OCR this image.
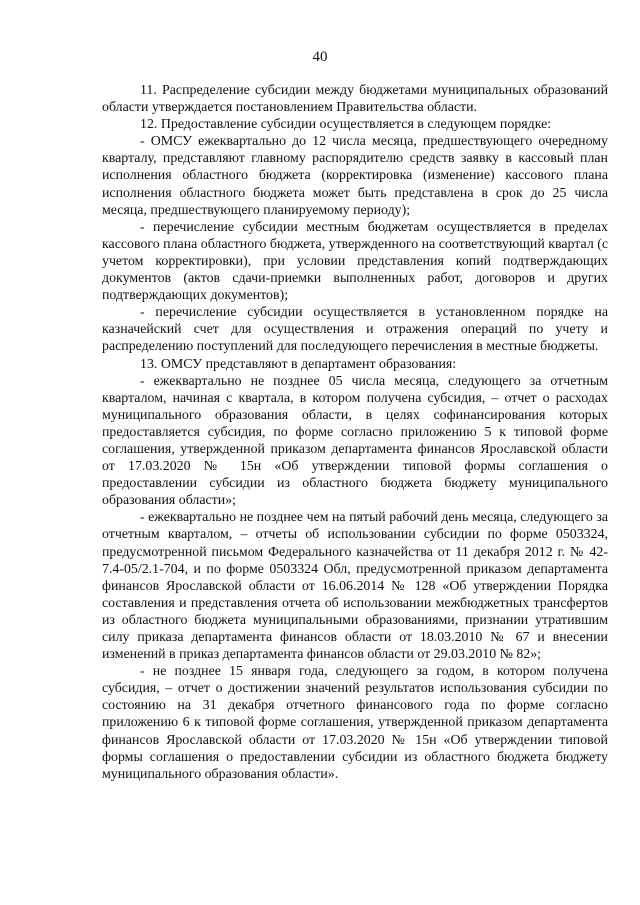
40

11. Распределение субсидии между бюджетами муниципальных образований области утверждается постановлением Правительства области.

12. Предоставление субсидии осуществляется в следующем порядке:

- ОМСУ ежеквартально до 12 числа месяца, предшествующего очередному кварталу, представляют главному распорядителю средств заявку в кассовый план исполнения областного бюджета (корректировка (изменение) кассового плана исполнения областного бюджета может быть представлена в срок до 25 числа месяца, предшествующего планируемому периоду);

- перечисление субсидии местным бюджетам осуществляется в пределах кассового плана областного бюджета, утвержденного на соответствующий квартал (с учетом корректировки), при условии представления копий подтверждающих документов (актов сдачи-приемки выполненных работ, договоров и других подтверждающих документов);

- перечисление субсидии осуществляется в установленном порядке на казначейский счет для осуществления и отражения операций по учету и распределению поступлений для последующего перечисления в местные бюджеты.

13. ОМСУ представляют в департамент образования:

- ежеквартально не позднее 05 числа месяца, следующего за отчетным кварталом, начиная с квартала, в котором получена субсидия, – отчет о расходах муниципального образования области, в целях софинансирования которых предоставляется субсидия, по форме согласно приложению 5 к типовой форме соглашения, утвержденной приказом департамента финансов Ярославской области от 17.03.2020 № 15н «Об утверждении типовой формы соглашения о предоставлении субсидии из областного бюджета бюджету муниципального образования области»;

- ежеквартально не позднее чем на пятый рабочий день месяца, следующего за отчетным кварталом, – отчеты об использовании субсидии по форме 0503324, предусмотренной письмом Федерального казначейства от 11 декабря 2012 г. № 42-7.4-05/2.1-704, и по форме 0503324 Обл, предусмотренной приказом департамента финансов Ярославской области от 16.06.2014 № 128 «Об утверждении Порядка составления и представления отчета об использовании межбюджетных трансфертов из областного бюджета муниципальными образованиями, признании утратившим силу приказа департамента финансов области от 18.03.2010 № 67 и внесении изменений в приказ департамента финансов области от 29.03.2010 № 82»;

- не позднее 15 января года, следующего за годом, в котором получена субсидия, – отчет о достижении значений результатов использования субсидии по состоянию на 31 декабря отчетного финансового года по форме согласно приложению 6 к типовой форме соглашения, утвержденной приказом департамента финансов Ярославской области от 17.03.2020 № 15н «Об утверждении типовой формы соглашения о предоставлении субсидии из областного бюджета бюджету муниципального образования области».
